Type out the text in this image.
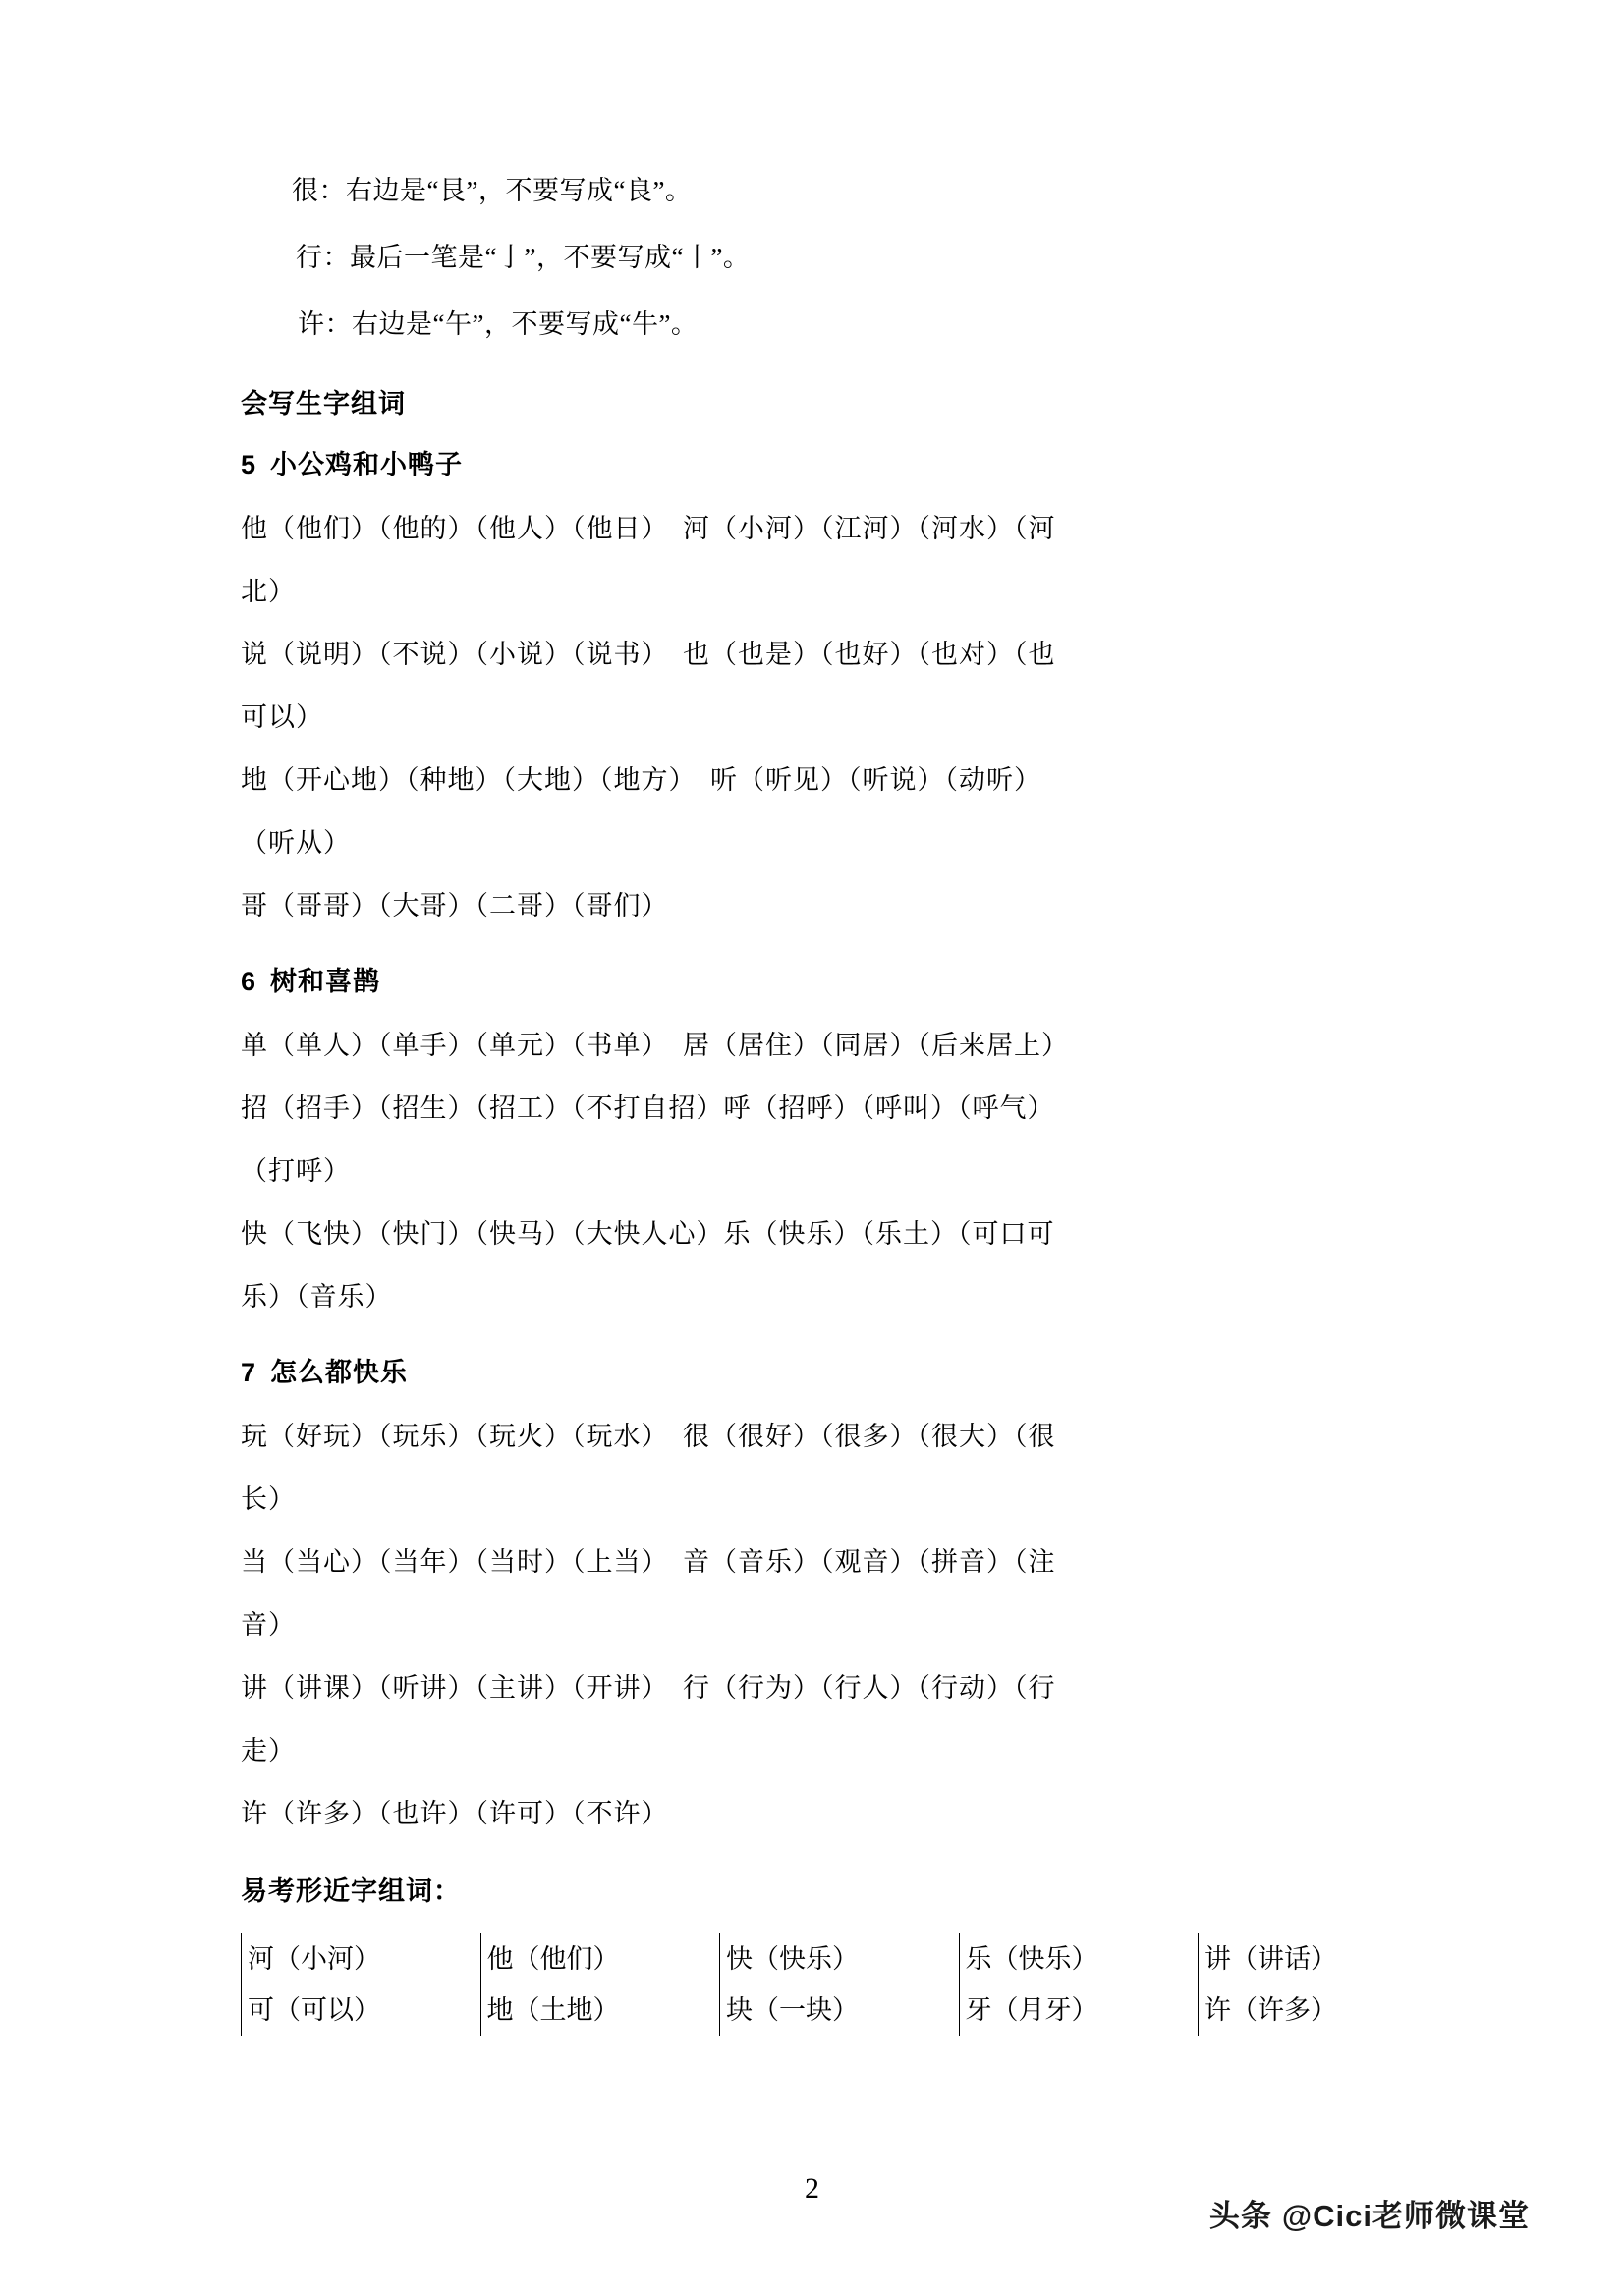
很：右边是“艮”，不要写成“良”。
行：最后一笔是“亅”，不要写成“丨”。
许：右边是“午”，不要写成“牛”。
会写生字组词
5 小公鸡和小鸭子
他（他们）（他的）（他人）（他日）　河（小河）（江河）（河水）（河
北）
说（说明）（不说）（小说）（说书）　也（也是）（也好）（也对）（也
可以）
地（开心地）（种地）（大地）（地方）　听（听见）（听说）（动听）
（听从）
哥（哥哥）（大哥）（二哥）（哥们）
6 树和喜鹊
单（单人）（单手）（单元）（书单）　居（居住）（同居）（后来居上）
招（招手）（招生）（招工）（不打自招）呼（招呼）（呼叫）（呼气）
（打呼）
快（飞快）（快门）（快马）（大快人心）乐（快乐）（乐土）（可口可
乐）（音乐）
7 怎么都快乐
玩（好玩）（玩乐）（玩火）（玩水）　很（很好）（很多）（很大）（很
长）
当（当心）（当年）（当时）（上当）　音（音乐）（观音）（拼音）（注
音）
讲（讲课）（听讲）（主讲）（开讲）　行（行为）（行人）（行动）（行
走）
许（许多）（也许）（许可）（不许）
易考形近字组词：
河（小河）	他（他们）	快（快乐）	乐（快乐）	讲（讲话）
可（可以）	地（土地）	块（一块）	牙（月牙）	许（许多）
2
头条 @Cici老师微课堂
